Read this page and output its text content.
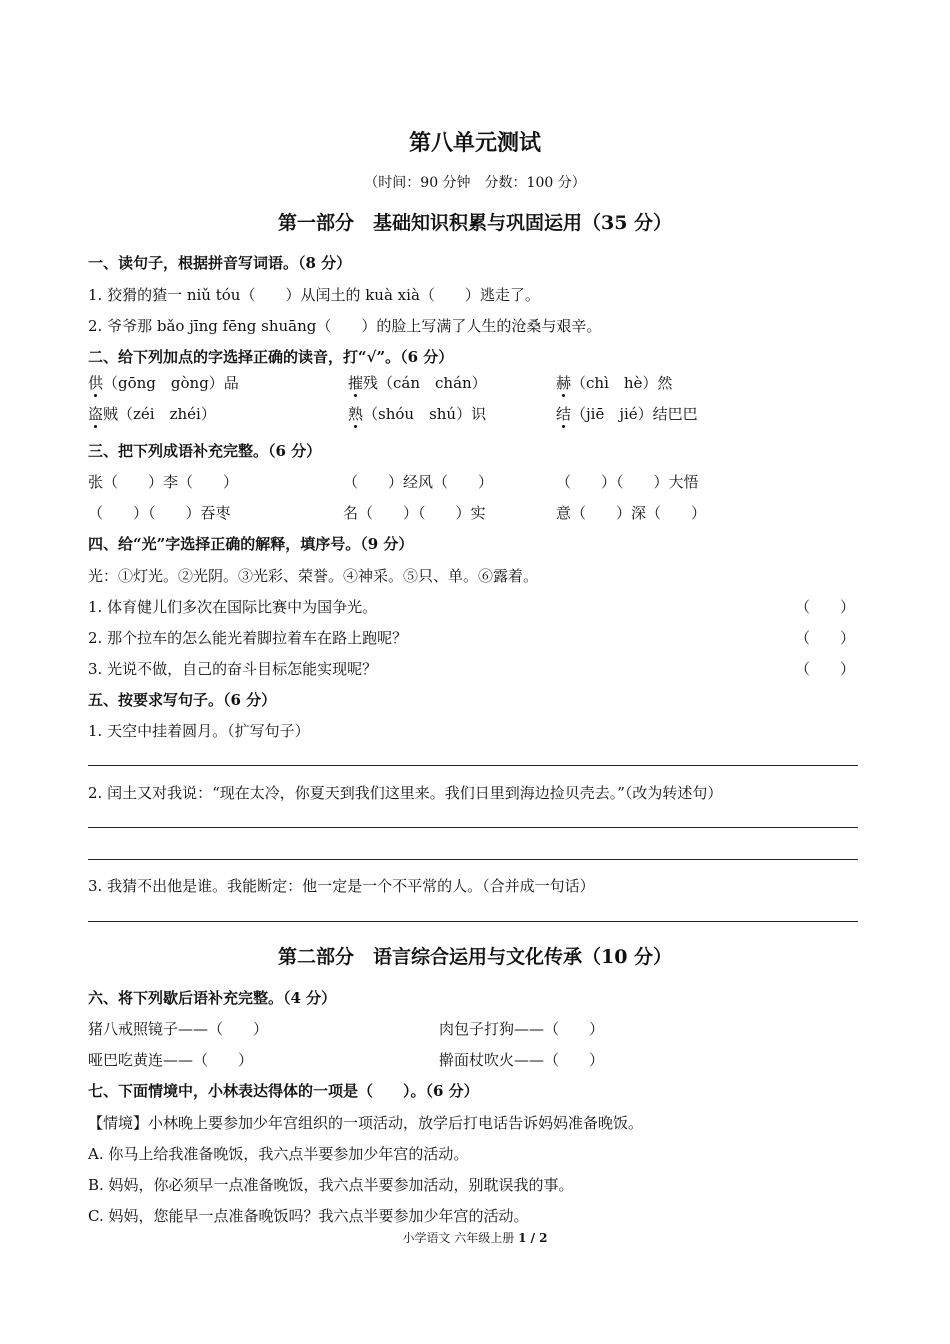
第八单元测试
（时间：90 分钟　分数：100 分）
第一部分　基础知识积累与巩固运用（35 分）
一、读句子，根据拼音写词语。（8 分）
1. 狡猾的猹一 niǔ tóu（　　）从闰土的 kuà xià（　　）逃走了。
2. 爷爷那 bǎo jīng fēng shuāng（　　）的脸上写满了人生的沧桑与艰辛。
二、给下列加点的字选择正确的读音，打“√”。（6 分）
供（gōng　gòng）品	摧残（cán　chán）	赫（chì　hè）然
盗贼（zéi　zhéi）	熟（shóu　shú）识	结（jiē　jié）结巴巴
三、把下列成语补充完整。（6 分）
张（　　）李（　　）	（　　）经风（　　）	（　　）（　　）大悟
（　　）（　　）吞枣	名（　　）（　　）实	意（　　）深（　　）
四、给“光”字选择正确的解释，填序号。（9 分）
光：①灯光。②光阴。③光彩、荣誉。④神采。⑤只、单。⑥露着。
1. 体育健儿们多次在国际比赛中为国争光。	（　　）
2. 那个拉车的怎么能光着脚拉着车在路上跑呢？	（　　）
3. 光说不做，自己的奋斗目标怎能实现呢？	（　　）
五、按要求写句子。（6 分）
1. 天空中挂着圆月。（扩写句子）
2. 闰土又对我说：“现在太冷，你夏天到我们这里来。我们日里到海边捡贝壳去。”（改为转述句）
3. 我猜不出他是谁。我能断定：他一定是一个不平常的人。（合并成一句话）
第二部分　语言综合运用与文化传承（10 分）
六、将下列歇后语补充完整。（4 分）
猪八戒照镜子——（　　）	肉包子打狗——（　　）
哑巴吃黄连——（　　）	擀面杖吹火——（　　）
七、下面情境中，小林表达得体的一项是（　　）。（6 分）
【情境】小林晚上要参加少年宫组织的一项活动，放学后打电话告诉妈妈准备晚饭。
A. 你马上给我准备晚饭，我六点半要参加少年宫的活动。
B. 妈妈，你必须早一点准备晚饭，我六点半要参加活动，别耽误我的事。
C. 妈妈，您能早一点准备晚饭吗？我六点半要参加少年宫的活动。
小学语文 六年级上册 1 / 2
